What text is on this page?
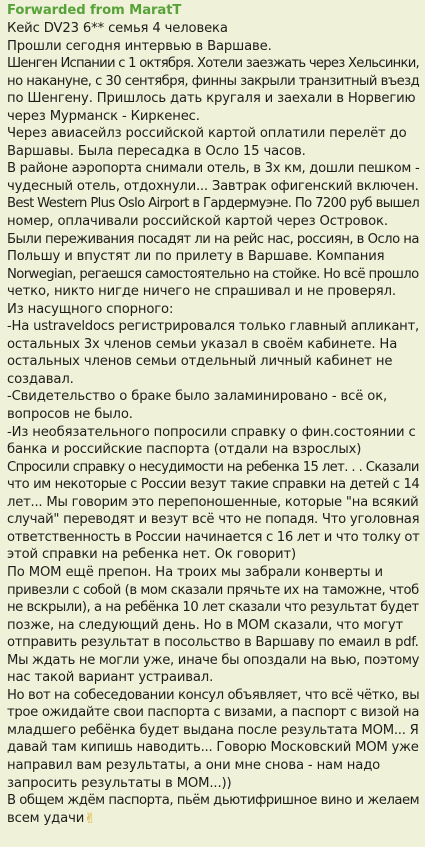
Forwarded from MaratT
Кейс DV23 6** семья 4 человека
Прошли сегодня интервью в Варшаве.
Шенген Испании с 1 октября. Хотели заезжать через Хельсинки,
но накануне, с 30 сентября, финны закрыли транзитный въезд
по Шенгену. Пришлось дать кругаля и заехали в Норвегию
через Мурманск - Киркенес.
Через авиасейлз российской картой оплатили перелёт до
Варшавы. Была пересадка в Осло 15 часов.
В районе аэропорта снимали отель, в 3х км, дошли пешком -
чудесный отель, отдохнули... Завтрак офигенский включен.
Best Western Plus Oslo Airport в Гардермуэне. По 7200 руб вышел
номер, оплачивали российской картой через Островок.
Были переживания посадят ли на рейс нас, россиян, в Осло на
Польшу и впустят ли по прилету в Варшаве. Компания
Norwegian, регаешся самостоятельно на стойке. Но всё прошло
четко, никто нигде ничего не спрашивал и не проверял.
Из насущного спорного:
-На ustraveldocs регистрировался только главный апликант,
остальных 3х членов семьи указал в своём кабинете. На
остальных членов семьи отдельный личный кабинет не
создавал.
-Свидетельство о браке было заламинировано - всё ок,
вопросов не было.
-Из необязательного попросили справку о фин.состоянии с
банка и российские паспорта (отдали на взрослых)
Спросили справку о несудимости на ребенка 15 лет. . . Сказали
что им некоторые с России везут такие справки на детей с 14
лет... Мы говорим это перепоношенные, которые "на всякий
случай" переводят и везут всё что не попадя. Что уголовная
ответственность в России начинается с 16 лет и что толку от
этой справки на ребенка нет. Ок говорит)
По МОМ ещё препон. На троих мы забрали конверты и
привезли с собой (в мом сказали прячьте их на таможне, чтоб
не вскрыли), а на ребёнка 10 лет сказали что результат будет
позже, на следующий день. Но в МОМ сказали, что могут
отправить результат в посольство в Варшаву по емаил в pdf.
Мы ждать не могли уже, иначе бы опоздали на вью, поэтому
нас такой вариант устраивал.
Но вот на собеседовании консул объявляет, что всё чётко, вы
трое ожидайте свои паспорта с визами, а паспорт с визой на
младшего ребёнка будет выдана после результата МОМ... Я
давай там кипишь наводить... Говорю Московский МОМ уже
направил вам результаты, а они мне снова - нам надо
запросить результаты в МОМ...))
В общем ждём паспорта, пьём дьютифришное вино и желаем
всем удачи✌
